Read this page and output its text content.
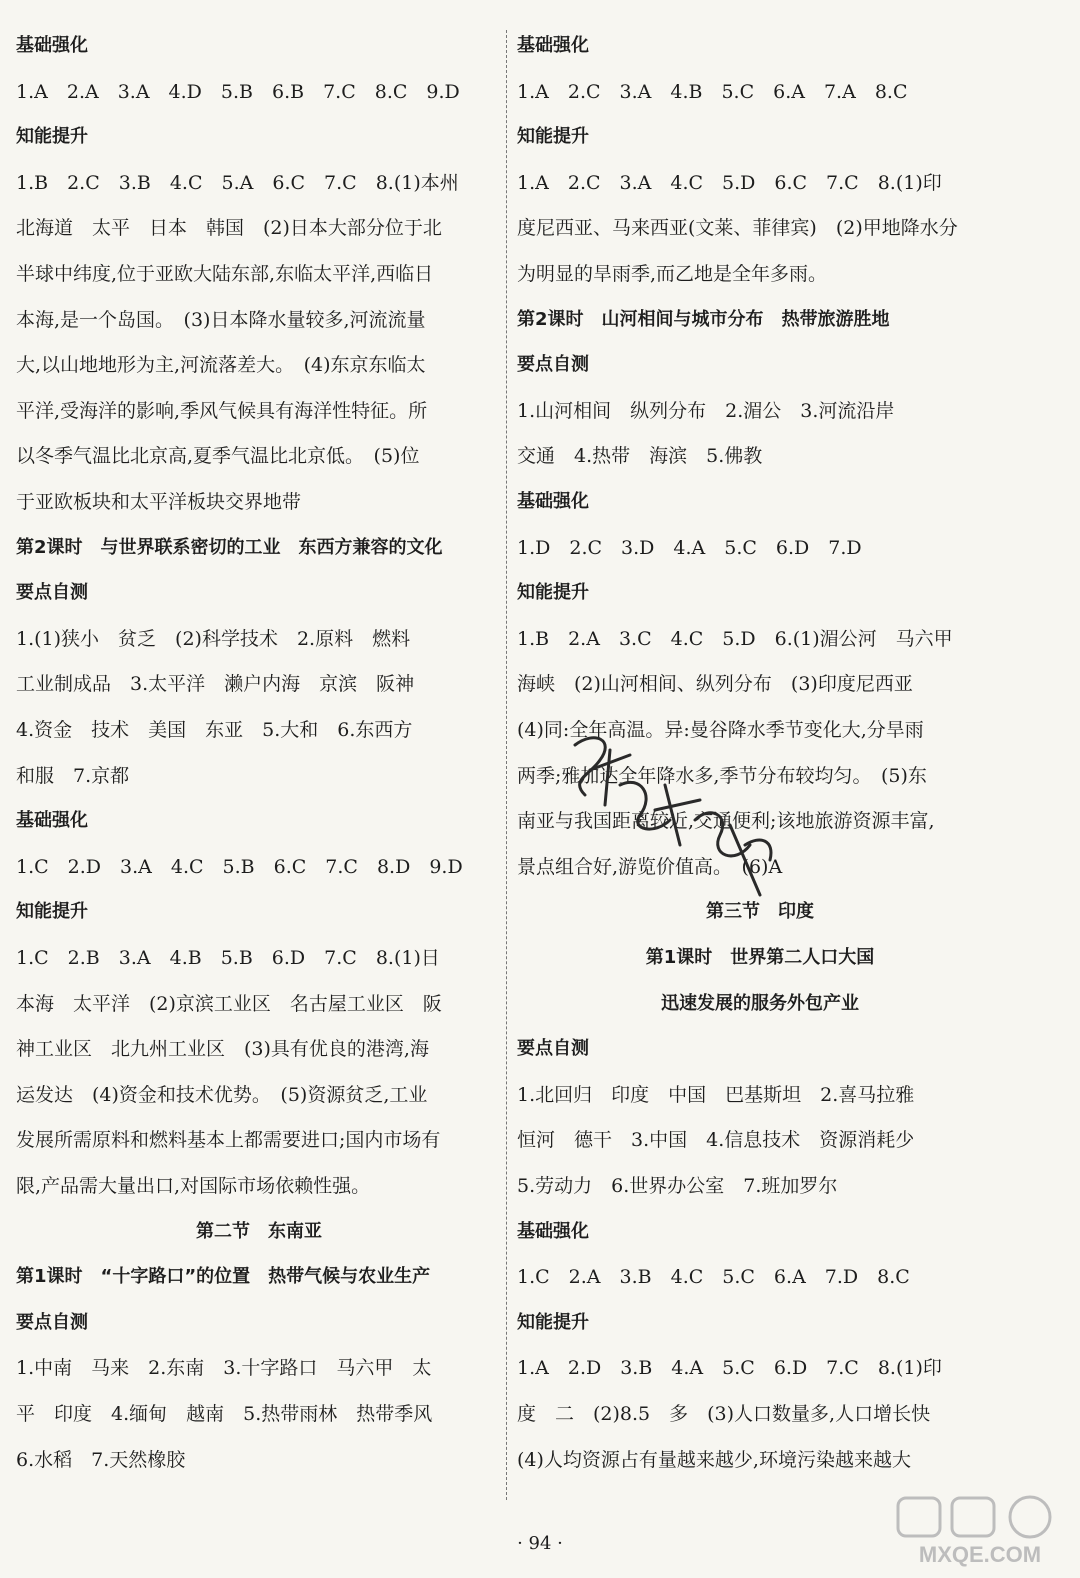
基础强化
1.A　2.A　3.A　4.D　5.B　6.B　7.C　8.C　9.D
知能提升
1.B　2.C　3.B　4.C　5.A　6.C　7.C　8.(1)本州
北海道　太平　日本　韩国　(2)日本大部分位于北
半球中纬度,位于亚欧大陆东部,东临太平洋,西临日
本海,是一个岛国。　(3)日本降水量较多,河流流量
大,以山地地形为主,河流落差大。　(4)东京东临太
平洋,受海洋的影响,季风气候具有海洋性特征。所
以冬季气温比北京高,夏季气温比北京低。　(5)位
于亚欧板块和太平洋板块交界地带
第2课时　与世界联系密切的工业　东西方兼容的文化
要点自测
1.(1)狭小　贫乏　(2)科学技术　2.原料　燃料
工业制成品　3.太平洋　濑户内海　京滨　阪神
4.资金　技术　美国　东亚　5.大和　6.东西方
和服　7.京都
基础强化
1.C　2.D　3.A　4.C　5.B　6.C　7.C　8.D　9.D
知能提升
1.C　2.B　3.A　4.B　5.B　6.D　7.C　8.(1)日
本海　太平洋　(2)京滨工业区　名古屋工业区　阪
神工业区　北九州工业区　(3)具有优良的港湾,海
运发达　(4)资金和技术优势。　(5)资源贫乏,工业
发展所需原料和燃料基本上都需要进口;国内市场有
限,产品需大量出口,对国际市场依赖性强。
第二节　东南亚
第1课时　“十字路口”的位置　热带气候与农业生产
要点自测
1.中南　马来　2.东南　3.十字路口　马六甲　太
平　印度　4.缅甸　越南　5.热带雨林　热带季风
6.水稻　7.天然橡胶
基础强化
1.A　2.C　3.A　4.B　5.C　6.A　7.A　8.C
知能提升
1.A　2.C　3.A　4.C　5.D　6.C　7.C　8.(1)印
度尼西亚、马来西亚(文莱、菲律宾)　(2)甲地降水分
为明显的旱雨季,而乙地是全年多雨。
第2课时　山河相间与城市分布　热带旅游胜地
要点自测
1.山河相间　纵列分布　2.湄公　3.河流沿岸
交通　4.热带　海滨　5.佛教
基础强化
1.D　2.C　3.D　4.A　5.C　6.D　7.D
知能提升
1.B　2.A　3.C　4.C　5.D　6.(1)湄公河　马六甲
海峡　(2)山河相间、纵列分布　(3)印度尼西亚
(4)同:全年高温。异:曼谷降水季节变化大,分旱雨
两季;雅加达全年降水多,季节分布较均匀。　(5)东
南亚与我国距离较近,交通便利;该地旅游资源丰富,
景点组合好,游览价值高。　(6)A
第三节　印度
第1课时　世界第二人口大国
迅速发展的服务外包产业
要点自测
1.北回归　印度　中国　巴基斯坦　2.喜马拉雅
恒河　德干　3.中国　4.信息技术　资源消耗少
5.劳动力　6.世界办公室　7.班加罗尔
基础强化
1.C　2.A　3.B　4.C　5.C　6.A　7.D　8.C
知能提升
1.A　2.D　3.B　4.A　5.C　6.D　7.C　8.(1)印
度　二　(2)8.5　多　(3)人口数量多,人口增长快
(4)人均资源占有量越来越少,环境污染越来越大
MXQE.COM
· 94 ·
